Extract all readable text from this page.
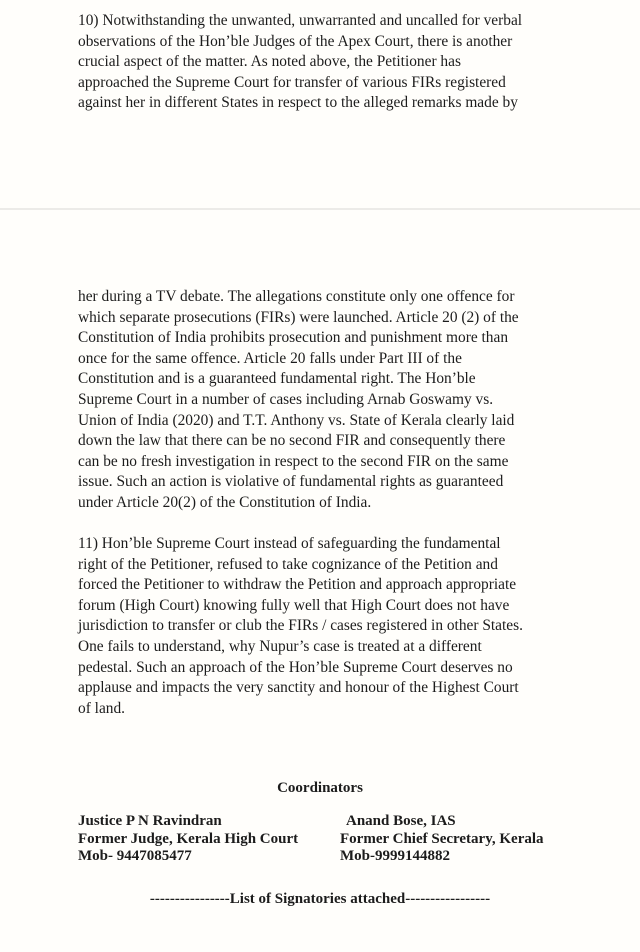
10) Notwithstanding the unwanted, unwarranted and uncalled for verbal
observations of the Hon’ble Judges of the Apex Court, there is another
crucial aspect of the matter. As noted above, the Petitioner has
approached the Supreme Court for transfer of various FIRs registered
against her in different States in respect to the alleged remarks made by

her during a TV debate. The allegations constitute only one offence for
which separate prosecutions (FIRs) were launched. Article 20 (2) of the
Constitution of India prohibits prosecution and punishment more than
once for the same offence. Article 20 falls under Part III of the
Constitution and is a guaranteed fundamental right. The Hon’ble
Supreme Court in a number of cases including Arnab Goswamy vs.
Union of India (2020) and T.T. Anthony vs. State of Kerala clearly laid
down the law that there can be no second FIR and consequently there
can be no fresh investigation in respect to the second FIR on the same
issue. Such an action is violative of fundamental rights as guaranteed
under Article 20(2) of the Constitution of India.

11) Hon’ble Supreme Court instead of safeguarding the fundamental
right of the Petitioner, refused to take cognizance of the Petition and
forced the Petitioner to withdraw the Petition and approach appropriate
forum (High Court) knowing fully well that High Court does not have
jurisdiction to transfer or club the FIRs / cases registered in other States.
One fails to understand, why Nupur’s case is treated at a different
pedestal. Such an approach of the Hon’ble Supreme Court deserves no
applause and impacts the very sanctity and honour of the Highest Court
of land.

Coordinators
Justice P N Ravindran
Former Judge, Kerala High Court
Mob- 9447085477
Anand Bose, IAS
Former Chief Secretary, Kerala
Mob-9999144882
----------------List of Signatories attached-----------------
